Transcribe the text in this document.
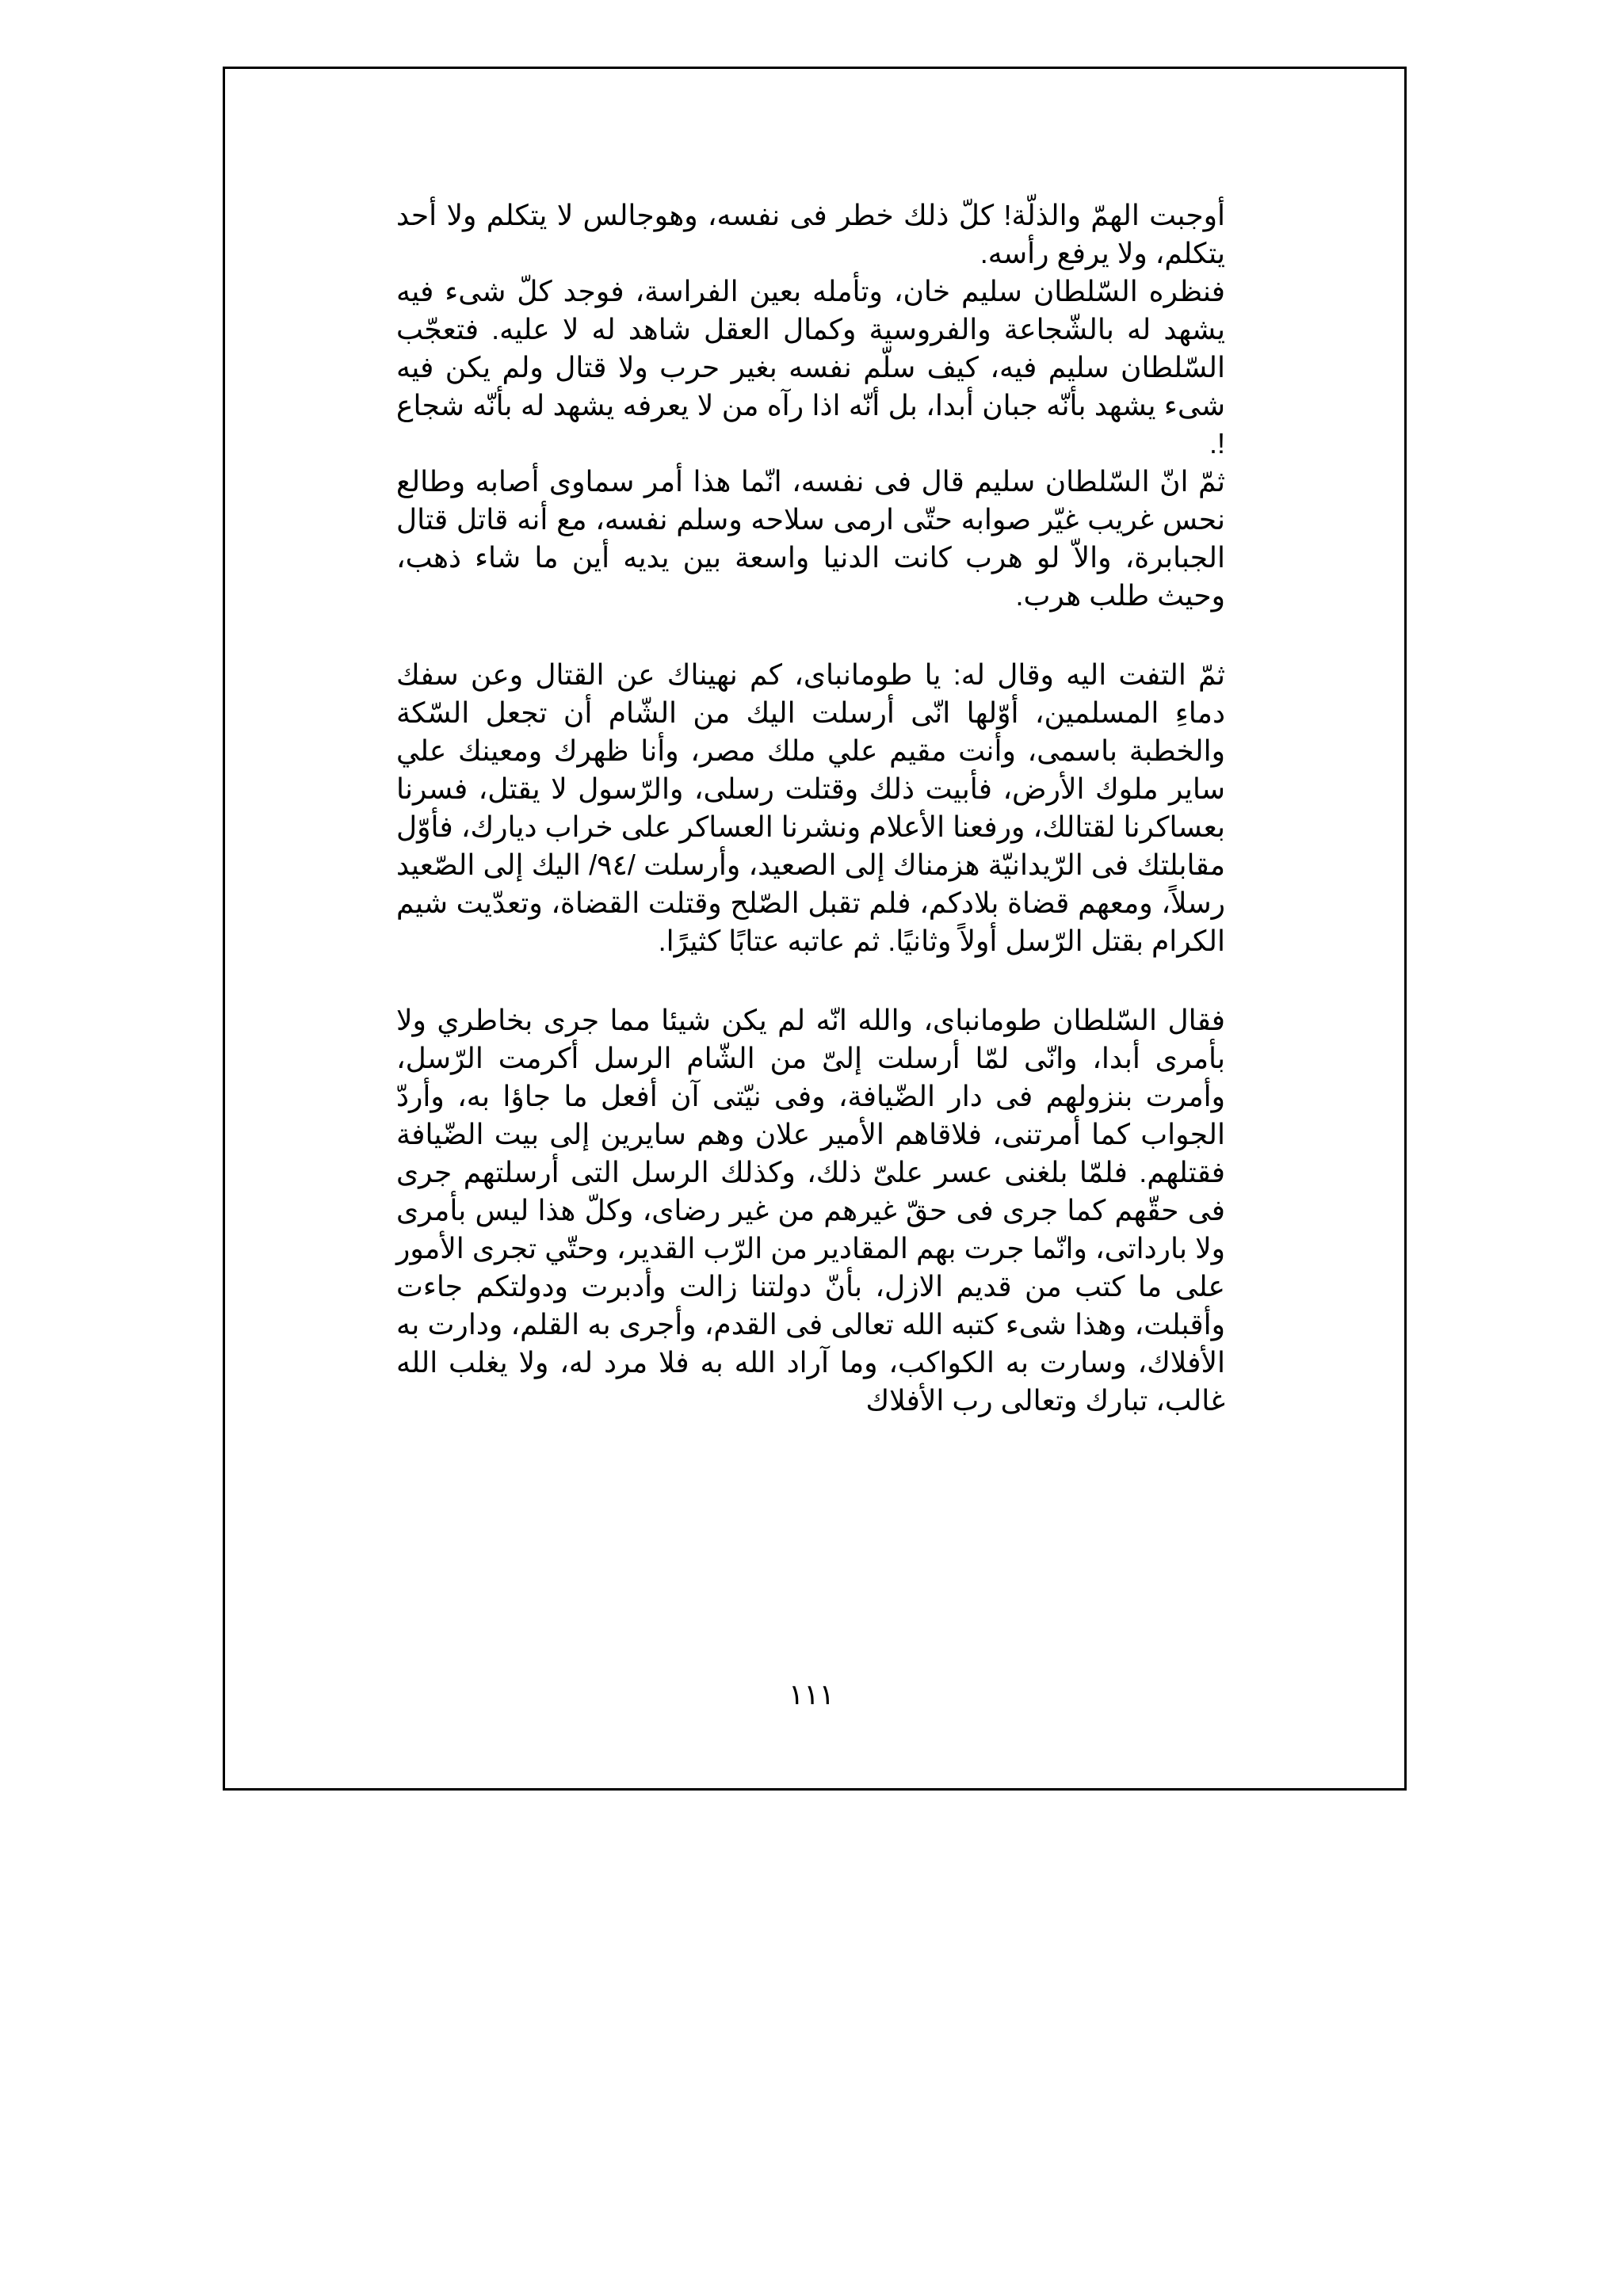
أوجبت الهمّ والذلّة! كلّ ذلك خطر فى نفسه، وهوجالس لا يتكلم ولا أحد يتكلم، ولا يرفع رأسه.

فنظره السّلطان سليم خان، وتأمله بعين الفراسة، فوجد كلّ شىء فيه يشهد له بالشّجاعة والفروسية وكمال العقل شاهد له لا عليه. فتعجّب السّلطان سليم فيه، كيف سلّم نفسه بغير حرب ولا قتال ولم يكن فيه شىء يشهد بأنّه جبان أبدا، بل أنّه اذا رآه من لا يعرفه يشهد له بأنّه شجاع !.

ثمّ انّ السّلطان سليم قال فى نفسه، انّما هذا أمر سماوى أصابه وطالع نحس غريب غيّر صوابه حتّى ارمى سلاحه وسلم نفسه، مع أنه قاتل قتال الجبابرة، والاّ لو هرب كانت الدنيا واسعة بين يديه أين ما شاء ذهب، وحيث طلب هرب.

ثمّ التفت اليه وقال له: يا طومانباى، كم نهيناك عن القتال وعن سفك دماءِ المسلمين، أوّلها انّى أرسلت اليك من الشّام أن تجعل السّكة والخطبة باسمى، وأنت مقيم علي ملك مصر، وأنا ظهرك ومعينك علي ساير ملوك الأرض، فأبيت ذلك وقتلت رسلى، والرّسول لا يقتل، فسرنا بعساكرنا لقتالك، ورفعنا الأعلام ونشرنا العساكر على خراب ديارك، فأوّل مقابلتك فى الرّيدانيّة هزمناك إلى الصعيد، وأرسلت /٩٤/ اليك إلى الصّعيد رسلاً، ومعهم قضاة بلادكم، فلم تقبل الصّلح وقتلت القضاة، وتعدّيت شيم الكرام بقتل الرّسل أولاً وثانيًا. ثم عاتبه عتابًا كثيرًا.

فقال السّلطان طومانباى، والله انّه لم يكن شيئا مما جرى بخاطري ولا بأمرى أبدا، وانّى لمّا أرسلت إلىّ من الشّام الرسل أكرمت الرّسل، وأمرت بنزولهم فى دار الضّيافة، وفى نيّتى آن أفعل ما جاؤا به، وأردّ الجواب كما أمرتنى، فلاقاهم الأمير علان وهم سايرين إلى بيت الضّيافة فقتلهم. فلمّا بلغنى عسر علىّ ذلك، وكذلك الرسل التى أرسلتهم جرى فى حقّهم كما جرى فى حقّ غيرهم من غير رضاى، وكلّ هذا ليس بأمرى ولا بارداتى، وانّما جرت بهم المقادير من الرّب القدير، وحتّي تجرى الأمور على ما كتب من قديم الازل، بأنّ دولتنا زالت وأدبرت ودولتكم جاءت وأقبلت، وهذا شىء كتبه الله تعالى فى القدم، وأجرى به القلم، ودارت به الأفلاك، وسارت به الكواكب، وما آراد الله به فلا مرد له، ولا يغلب الله غالب، تبارك وتعالى رب الأفلاك

١١١
